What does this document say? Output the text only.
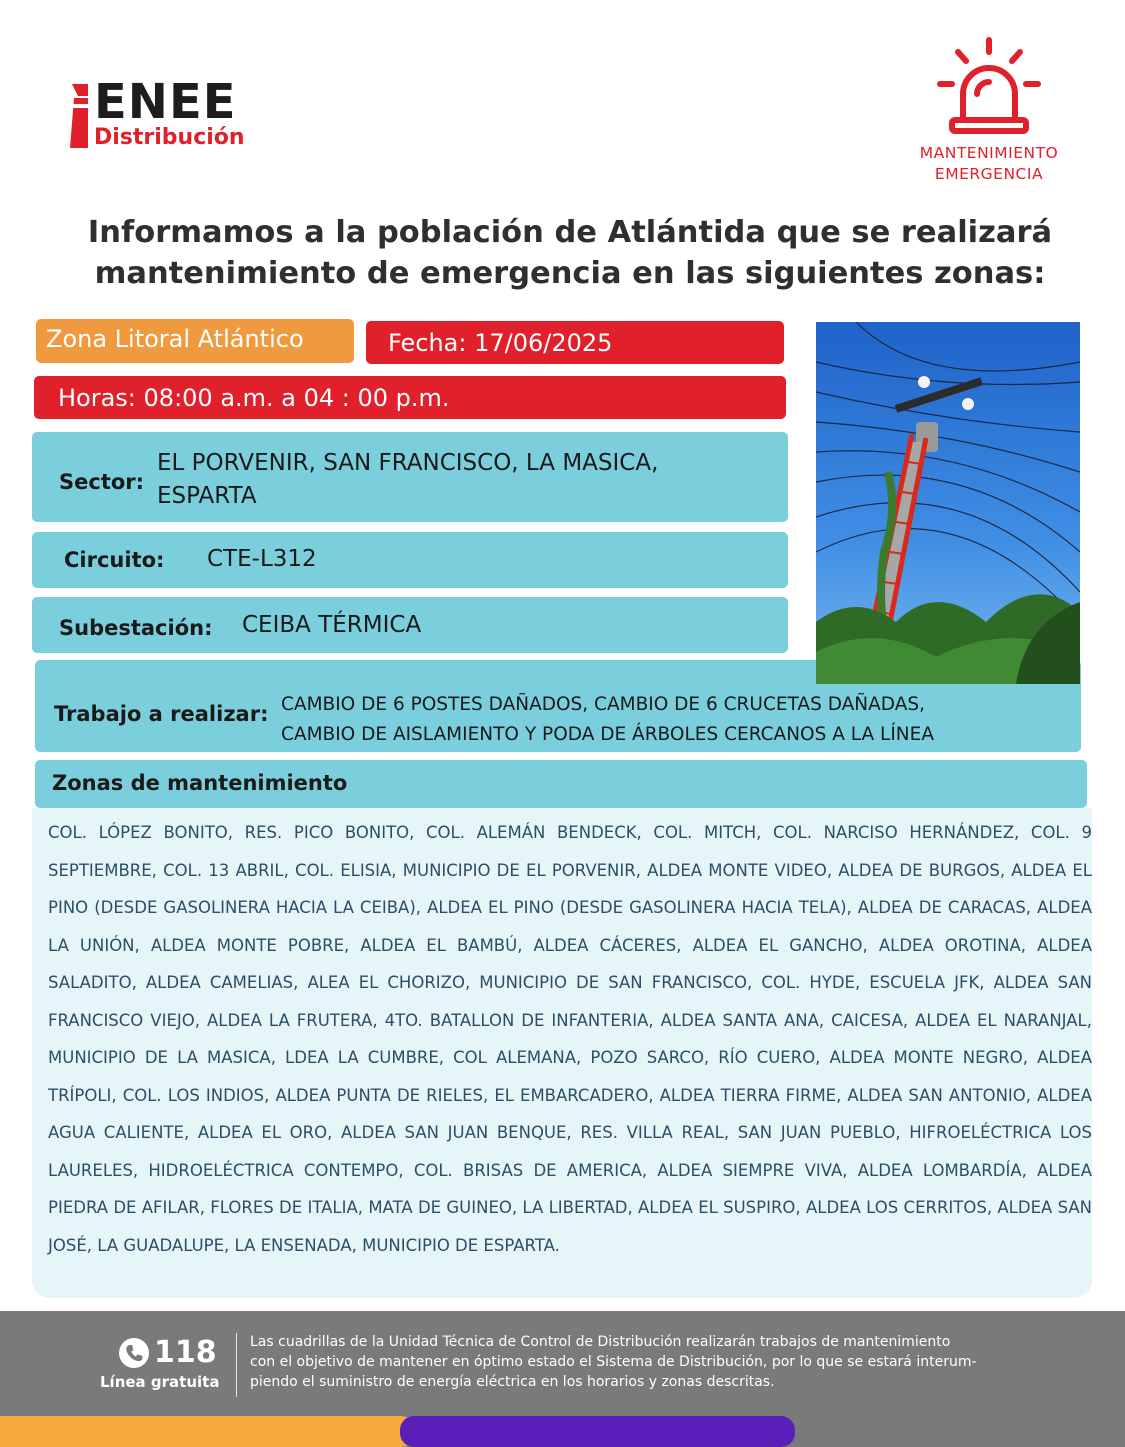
ENEE
Distribución
MANTENIMIENTO
EMERGENCIA
Informamos a la población de Atlántida que se realizará
mantenimiento de emergencia en las siguientes zonas:
Zona Litoral Atlántico	Fecha: 17/06/2025
Horas: 08:00 a.m. a 04 : 00 p.m.
Sector:
EL PORVENIR, SAN FRANCISCO, LA MASICA,
ESPARTA
Circuito: CTE-L312
Subestación: CEIBA TÉRMICA
Trabajo a realizar: CAMBIO DE 6 POSTES DAÑADOS, CAMBIO DE 6 CRUCETAS DAÑADAS,
CAMBIO DE AISLAMIENTO Y PODA DE ÁRBOLES CERCANOS A LA LÍNEA
Zonas de mantenimiento
COL. LÓPEZ BONITO, RES. PICO BONITO, COL. ALEMÁN BENDECK, COL. MITCH, COL. NARCISO HERNÁNDEZ, COL. 9 SEPTIEMBRE, COL. 13 ABRIL, COL. ELISIA, MUNICIPIO DE EL PORVENIR, ALDEA MONTE VIDEO, ALDEA DE BURGOS, ALDEA EL PINO (DESDE GASOLINERA HACIA LA CEIBA), ALDEA EL PINO (DESDE GASOLINERA HACIA TELA), ALDEA DE CARACAS, ALDEA LA UNIÓN, ALDEA MONTE POBRE, ALDEA EL BAMBÚ, ALDEA CÁCERES, ALDEA EL GANCHO, ALDEA OROTINA, ALDEA SALADITO, ALDEA CAMELIAS, ALEA EL CHORIZO, MUNICIPIO DE SAN FRANCISCO, COL. HYDE, ESCUELA JFK, ALDEA SAN FRANCISCO VIEJO, ALDEA LA FRUTERA, 4TO. BATALLON DE INFANTERIA, ALDEA SANTA ANA, CAICESA, ALDEA EL NARANJAL, MUNICIPIO DE LA MASICA, LDEA LA CUMBRE, COL ALEMANA, POZO SARCO, RÍO CUERO, ALDEA MONTE NEGRO, ALDEA TRÍPOLI, COL. LOS INDIOS, ALDEA PUNTA DE RIELES, EL EMBARCADERO, ALDEA TIERRA FIRME, ALDEA SAN ANTONIO, ALDEA AGUA CALIENTE, ALDEA EL ORO, ALDEA SAN JUAN BENQUE, RES. VILLA REAL, SAN JUAN PUEBLO, HIFROELÉCTRICA LOS LAURELES, HIDROELÉCTRICA CONTEMPO, COL. BRISAS DE AMERICA, ALDEA SIEMPRE VIVA, ALDEA LOMBARDÍA, ALDEA PIEDRA DE AFILAR, FLORES DE ITALIA, MATA DE GUINEO, LA LIBERTAD, ALDEA EL SUSPIRO, ALDEA LOS CERRITOS, ALDEA SAN JOSÉ, LA GUADALUPE, LA ENSENADA, MUNICIPIO DE ESPARTA.
118
Línea gratuita
Las cuadrillas de la Unidad Técnica de Control de Distribución realizarán trabajos de mantenimiento
con el objetivo de mantener en óptimo estado el Sistema de Distribución, por lo que se estará interum-
piendo el suministro de energía eléctrica en los horarios y zonas descritas.
